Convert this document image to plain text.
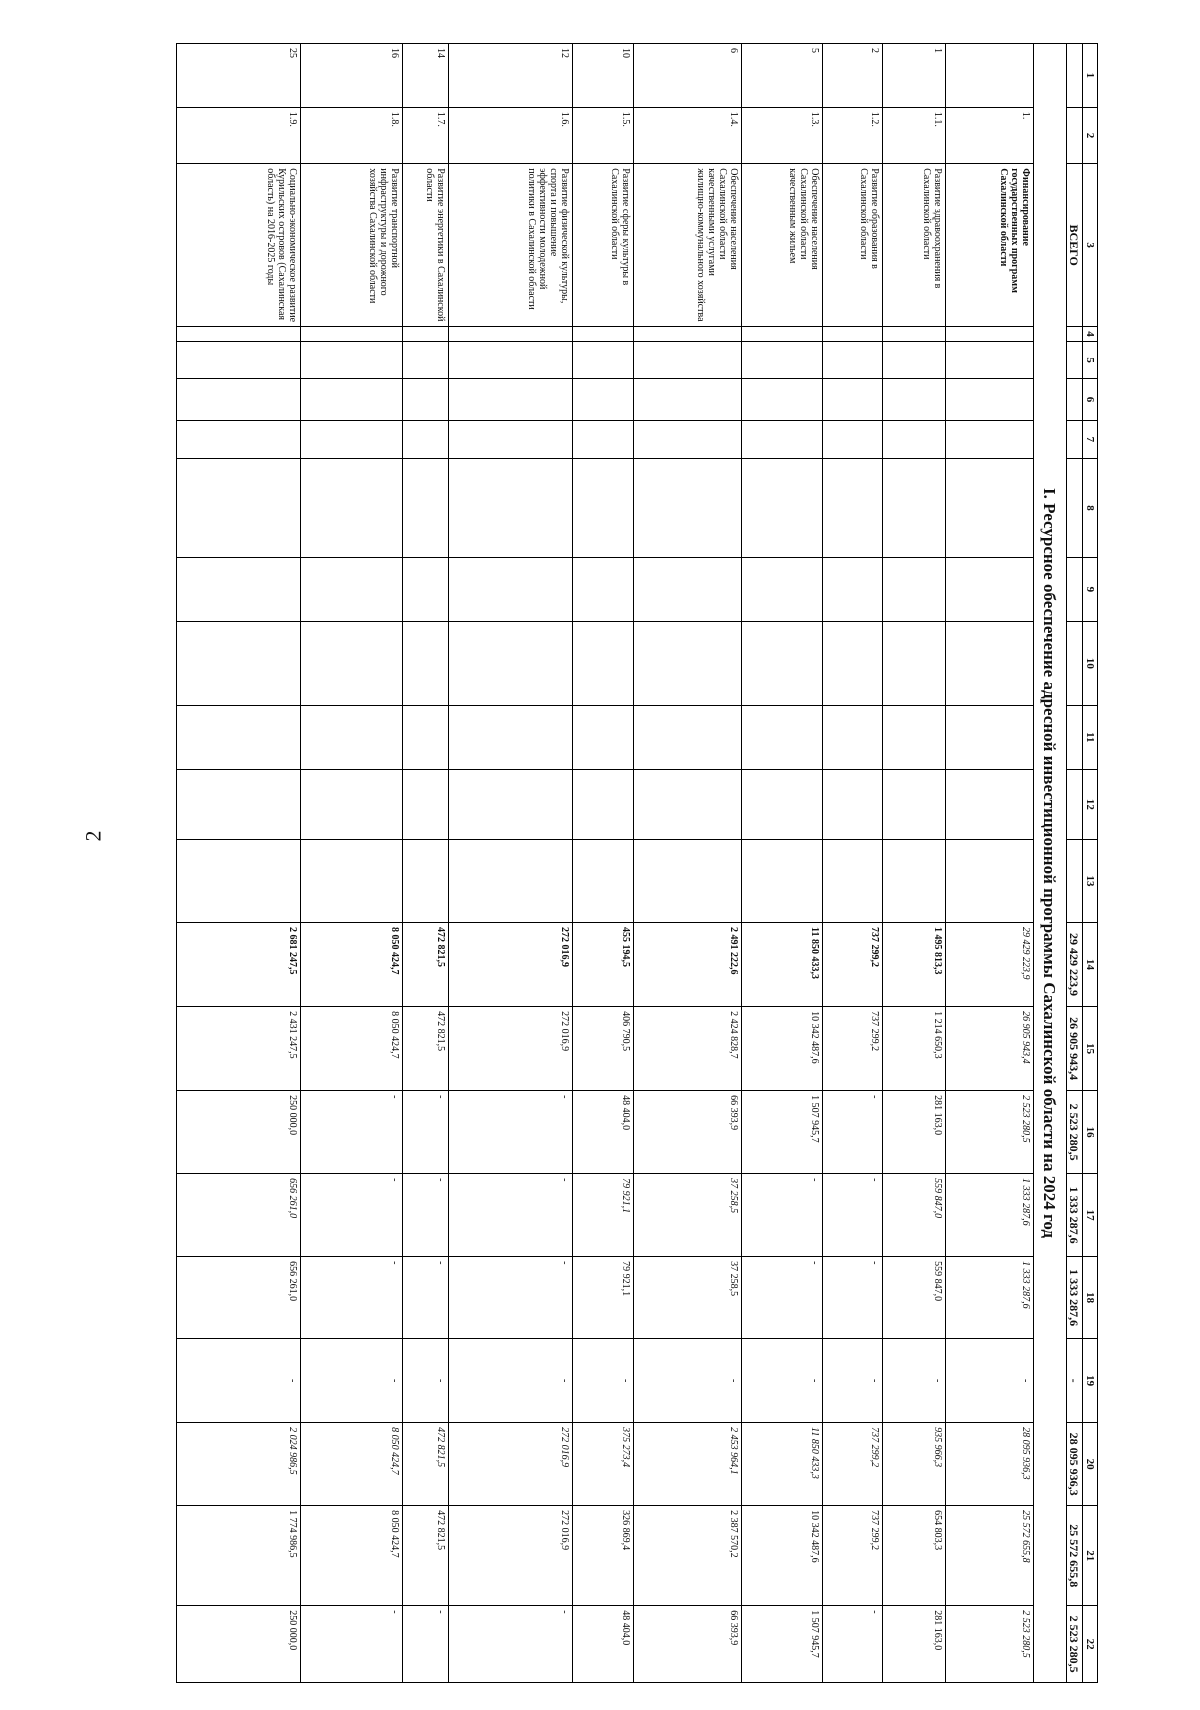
2
1	2	3	4	5	6	7	8	9	10	11	12	13	14	15	16	17	18	19	20	21	22
		ВСЕГО											29 429 223,9	26 905 943,4	2 523 280,5	1 333 287,6	1 333 287,6	-	28 095 936,3	25 572 655,8	2 523 280,5
I. Ресурсное обеспечение адресной инвестиционной программы Сахалинской области на 2024 год																					
	1.	Финансирование государственных программ Сахалинской области											29 429 223,9	26 905 943,4	2 523 280,5	1 333 287,6	1 333 287,6	-	28 095 936,3	25 572 655,8	2 523 280,5
1	1.1.	Развитие здравоохранения в Сахалинской области											1 495 813,3	1 214 650,3	281 163,0	559 847,0	559 847,0	-	935 966,3	654 803,3	281 163,0
2	1.2.	Развитие образования в Сахалинской области											737 299,2	737 299,2	-	-	-	-	737 299,2	737 299,2	-
5	1.3.	Обеспечение населения Сахалинской области качественным жильем											11 850 433,3	10 342 487,6	1 507 945,7	-	-	-	11 850 433,3	10 342 487,6	1 507 945,7
6	1.4.	Обеспечение населения Сахалинской области качественными услугами жилищно-коммунального хозяйства											2 491 222,6	2 424 828,7	66 393,9	37 258,5	37 258,5	-	2 453 964,1	2 387 570,2	66 393,9
10	1.5.	Развитие сферы культуры в Сахалинской области											455 194,5	406 790,5	48 404,0	79 921,1	79 921,1	-	375 273,4	326 869,4	48 404,0
12	1.6.	Развитие физической культуры, спорта и повышение эффективности молодежной политики в Сахалинской области											272 016,9	272 016,9	-	-	-	-	272 016,9	272 016,9	-
14	1.7.	Развитие энергетики в Сахалинской области											472 821,5	472 821,5	-	-	-	-	472 821,5	472 821,5	-
16	1.8.	Развитие транспортной инфраструктуры и дорожного хозяйства Сахалинской области											8 050 424,7	8 050 424,7	-	-	-	-	8 050 424,7	8 050 424,7	-
25	1.9.	Социально-экономическое развитие Курильских островов (Сахалинская область) на 2016-2025 годы											2 681 247,5	2 431 247,5	250 000,0	656 261,0	656 261,0	-	2 024 986,5	1 774 986,5	250 000,0
